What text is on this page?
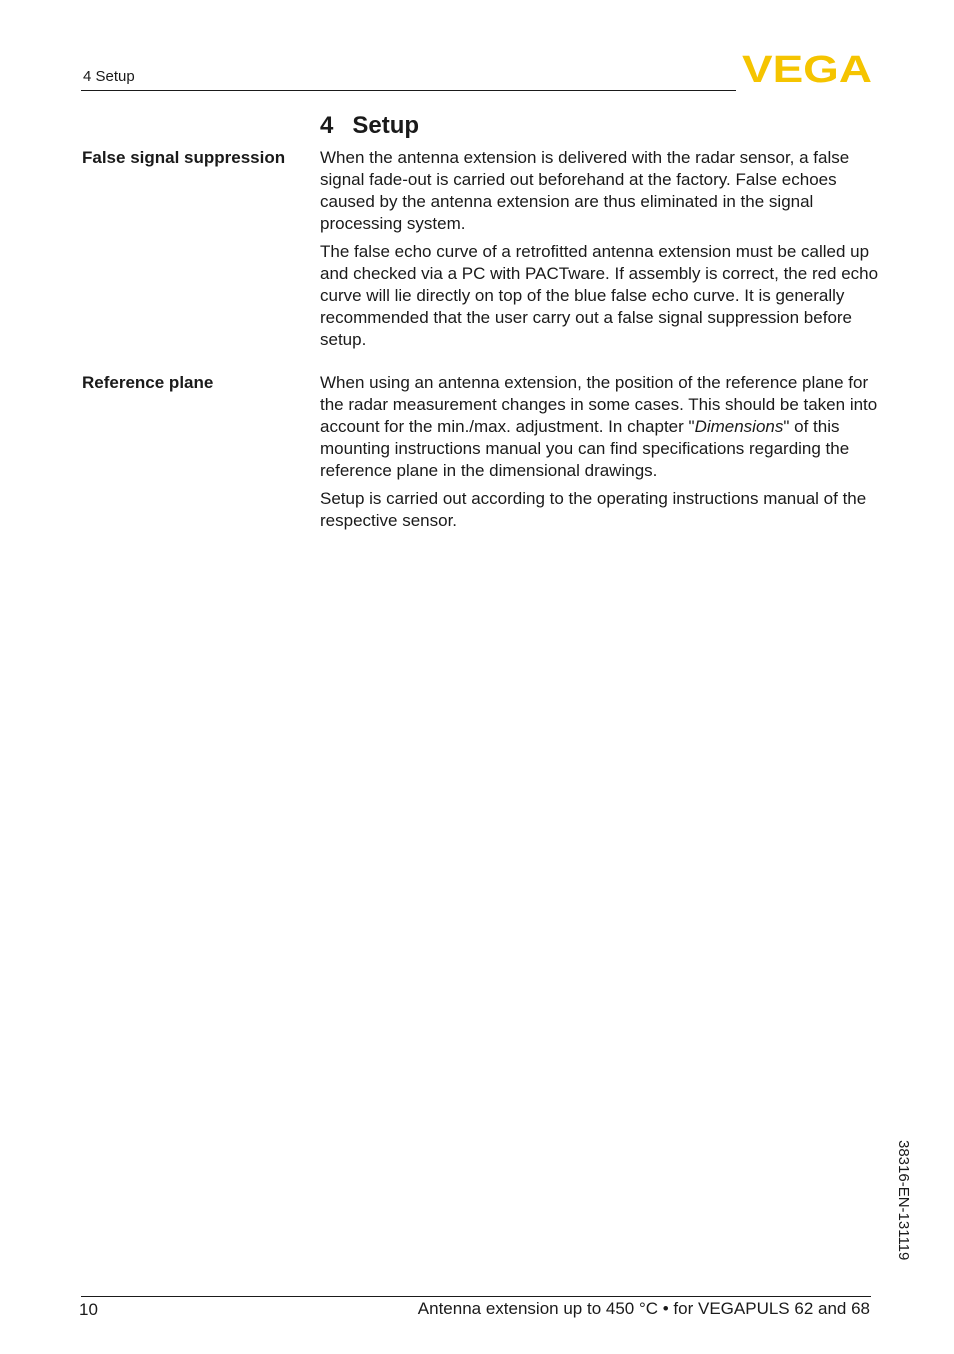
4 Setup	VEGA
4 Setup
False signal suppression When the antenna extension is delivered with the radar sensor, a false signal fade-out is carried out beforehand at the factory. False echoes caused by the antenna extension are thus eliminated in the signal processing system.

The false echo curve of a retrofitted antenna extension must be called up and checked via a PC with PACTware. If assembly is correct, the red echo curve will lie directly on top of the blue false echo curve. It is generally recommended that the user carry out a false signal suppression before setup.

Reference plane	When using an antenna extension, the position of the reference plane for the radar measurement changes in some cases. This should be taken into account for the min./max. adjustment. In chapter "Dimensions" of this mounting instructions manual you can find specifications regarding the reference plane in the dimensional drawings.

Setup is carried out according to the operating instructions manual of the respective sensor.

38316-EN-131119
10	Antenna extension up to 450 °C • for VEGAPULS 62 and 68
